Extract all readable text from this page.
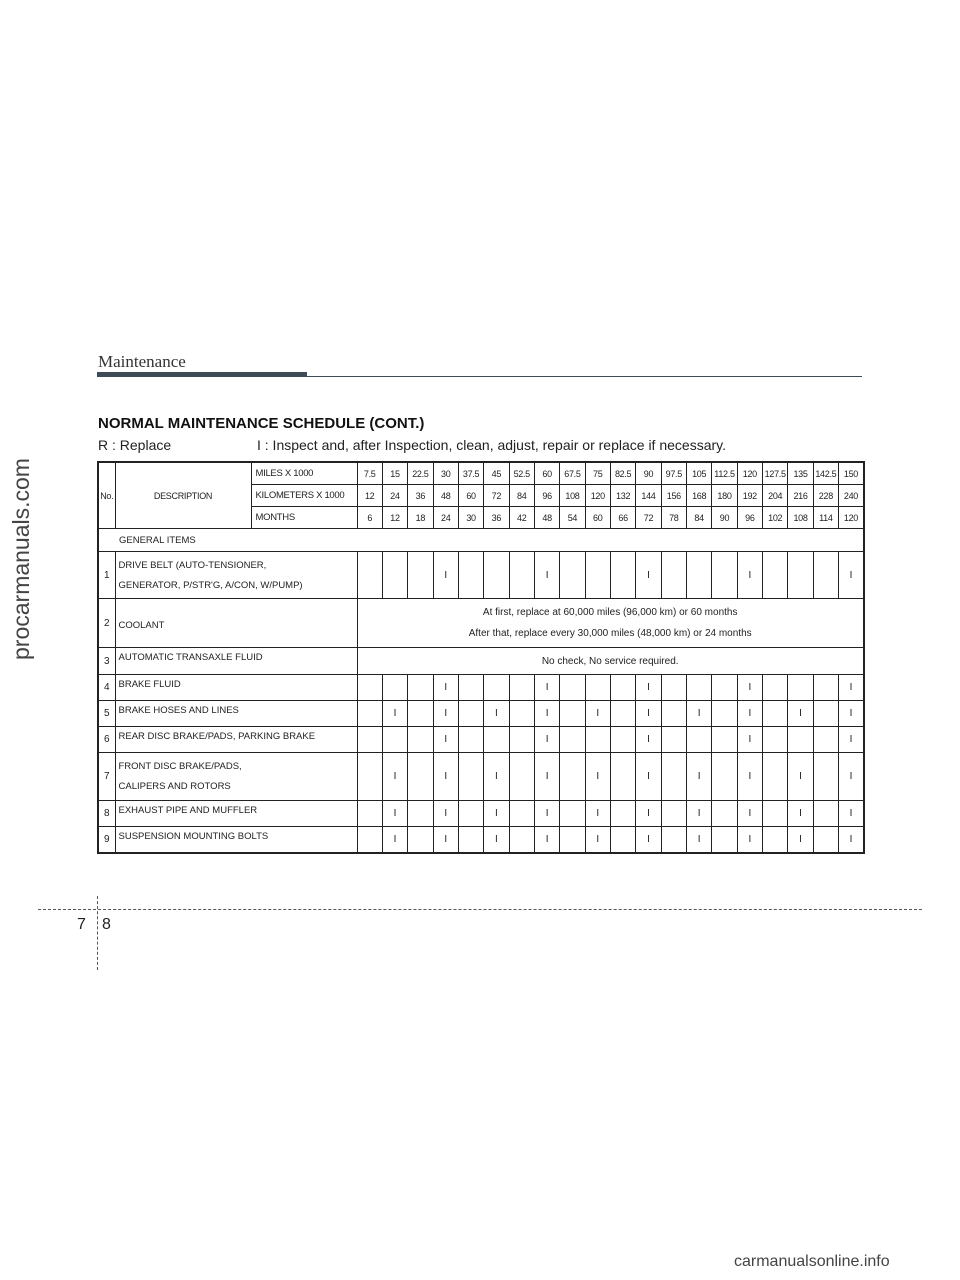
Maintenance
NORMAL MAINTENANCE SCHEDULE (CONT.)
R : Replace	I : Inspect and, after Inspection, clean, adjust, repair or replace if necessary.
No.	DESCRIPTION	MILES X 1000	7.5	15	22.5	30	37.5	45	52.5	60	67.5	75	82.5	90	97.5	105	112.5	120	127.5	135	142.5	150
		KILOMETERS X 1000	12	24	36	48	60	72	84	96	108	120	132	144	156	168	180	192	204	216	228	240
		MONTHS	6	12	18	24	30	36	42	48	54	60	66	72	78	84	90	96	102	108	114	120
GENERAL ITEMS																						
1	DRIVE BELT (AUTO-TENSIONER,
GENERATOR, P/STR'G, A/CON, W/PUMP)					I				I				I				I				I
2	COOLANT		At first, replace at 60,000 miles (96,000 km) or 60 months
After that, replace every 30,000 miles (48,000 km) or 24 months																			

3	AUTOMATIC TRANSAXLE FLUID		No check, No service required.																			
4	BRAKE FLUID					I				I				I				I				I
5	BRAKE HOSES AND LINES			I		I		I		I		I		I		I		I		I		I
6	REAR DISC BRAKE/PADS, PARKING BRAKE					I				I				I				I				I
7	FRONT DISC BRAKE/PADS,
CALIPERS AND ROTORS			I		I		I		I		I		I		I		I		I		I
8	EXHAUST PIPE AND MUFFLER			I		I		I		I		I		I		I		I		I		I
9	SUSPENSION MOUNTING BOLTS			I		I		I		I		I		I		I		I		I		I
7 8
procarmanuals.com
carmanualsonline.info
